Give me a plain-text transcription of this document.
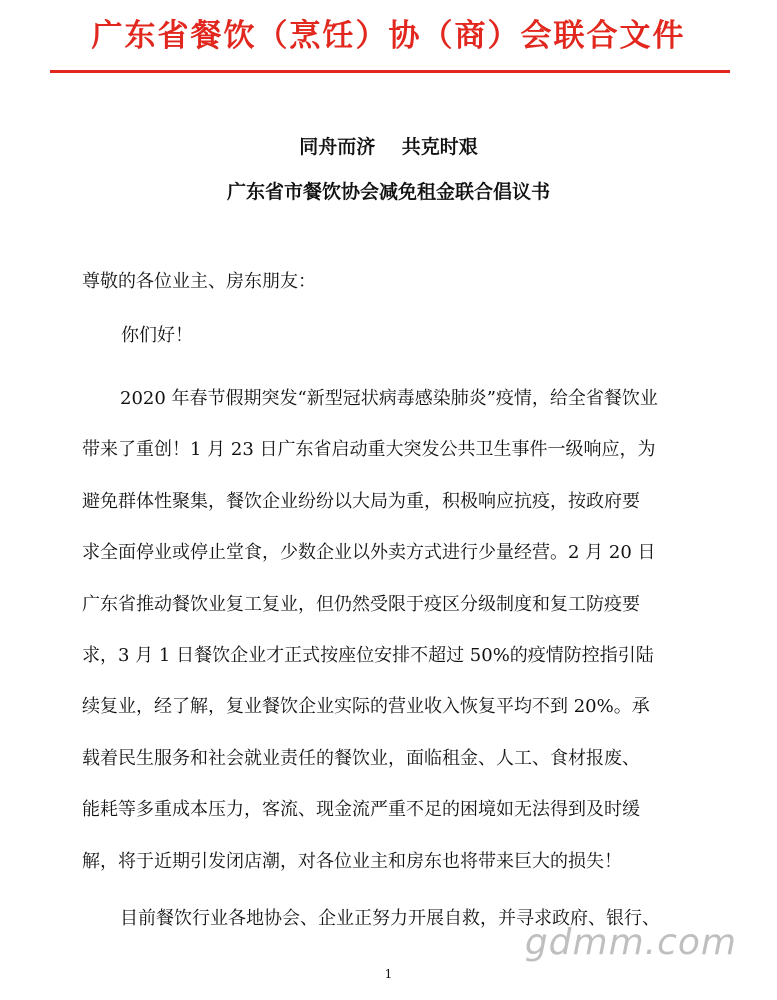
广东省餐饮（烹饪）协（商）会联合文件
同舟而济    共克时艰
广东省市餐饮协会减免租金联合倡议书
尊敬的各位业主、房东朋友：
你们好！
2020 年春节假期突发“新型冠状病毒感染肺炎”疫情，给全省餐饮业
带来了重创！1 月 23 日广东省启动重大突发公共卫生事件一级响应，为
避免群体性聚集，餐饮企业纷纷以大局为重，积极响应抗疫，按政府要
求全面停业或停止堂食，少数企业以外卖方式进行少量经营。2 月 20 日
广东省推动餐饮业复工复业，但仍然受限于疫区分级制度和复工防疫要
求，3 月 1 日餐饮企业才正式按座位安排不超过 50%的疫情防控指引陆
续复业，经了解，复业餐饮企业实际的营业收入恢复平均不到 20%。承
载着民生服务和社会就业责任的餐饮业，面临租金、人工、食材报废、
能耗等多重成本压力，客流、现金流严重不足的困境如无法得到及时缓
解，将于近期引发闭店潮，对各位业主和房东也将带来巨大的损失！
目前餐饮行业各地协会、企业正努力开展自救，并寻求政府、银行、
1
gdmm.com
